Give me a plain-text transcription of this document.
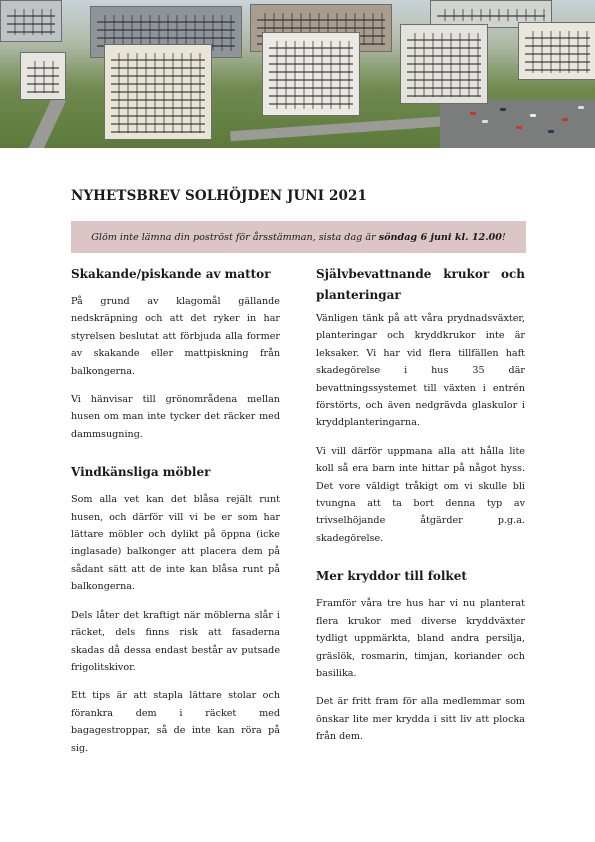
NYHETSBREV SOLHÖJDEN JUNI 2021
Glöm inte lämna din poströst för årsstämman, sista dag är söndag 6 juni kl. 12.00!
Skakande/piskande av mattor

På grund av klagomål gällande nedskräpning och att det ryker in har styrelsen beslutat att förbjuda alla former av skakande eller mattpiskning från balkongerna.

Vi hänvisar till grönområdena mellan husen om man inte tycker det räcker med dammsugning.

Vindkänsliga möbler

Som alla vet kan det blåsa rejält runt husen, och därför vill vi be er som har lättare möbler och dylikt på öppna (icke inglasade) balkonger att placera dem på sådant sätt att de inte kan blåsa runt på balkongerna.

Dels låter det kraftigt när möblerna slår i räcket, dels finns risk att fasaderna skadas då dessa endast består av putsade frigolitskivor.

Ett tips är att stapla lättare stolar och förankra dem i räcket med bagagestroppar, så de inte kan röra på sig.

Självbevattnande krukor och planteringar

Vänligen tänk på att våra prydnadsväxter, planteringar och kryddkrukor inte är leksaker. Vi har vid flera tillfällen haft skadegörelse i hus 35 där bevattningssystemet till växten i entrén förstörts, och även nedgrävda glaskulor i kryddplanteringarna.

Vi vill därför uppmana alla att hålla lite koll så era barn inte hittar på något hyss. Det vore väldigt tråkigt om vi skulle bli tvungna att ta bort denna typ av trivselhöjande åtgärder p.g.a. skadegörelse.

Mer kryddor till folket

Framför våra tre hus har vi nu planterat flera krukor med diverse kryddväxter tydligt uppmärkta, bland andra persilja, gräslök, rosmarin, timjan, koriander och basilika.

Det är fritt fram för alla medlemmar som önskar lite mer krydda i sitt liv att plocka från dem.
